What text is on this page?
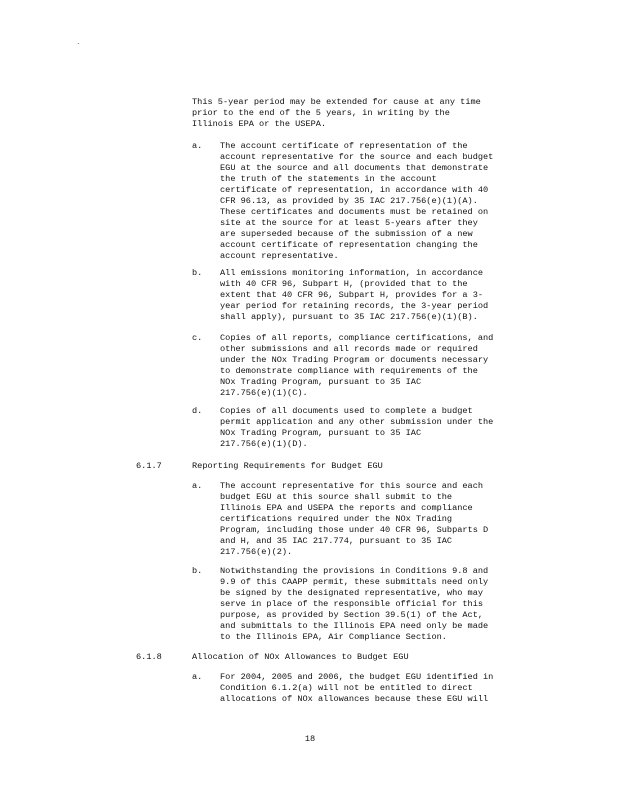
`

This 5-year period may be extended for cause at any time
prior to the end of the 5 years, in writing by the
Illinois EPA or the USEPA.

a. The account certificate of representation of the
account representative for the source and each budget
EGU at the source and all documents that demonstrate
the truth of the statements in the account
certificate of representation, in accordance with 40
CFR 96.13, as provided by 35 IAC 217.756(e)(1)(A).
These certificates and documents must be retained on
site at the source for at least 5-years after they
are superseded because of the submission of a new
account certificate of representation changing the
account representative.

b. All emissions monitoring information, in accordance
with 40 CFR 96, Subpart H, (provided that to the
extent that 40 CFR 96, Subpart H, provides for a 3-
year period for retaining records, the 3-year period
shall apply), pursuant to 35 IAC 217.756(e)(1)(B).

c. Copies of all reports, compliance certifications, and
other submissions and all records made or required
under the NOx Trading Program or documents necessary
to demonstrate compliance with requirements of the
NOx Trading Program, pursuant to 35 IAC
217.756(e)(1)(C).

d. Copies of all documents used to complete a budget
permit application and any other submission under the
NOx Trading Program, pursuant to 35 IAC
217.756(e)(1)(D).

6.1.7	Reporting Requirements for Budget EGU

a. The account representative for this source and each
budget EGU at this source shall submit to the
Illinois EPA and USEPA the reports and compliance
certifications required under the NOx Trading
Program, including those under 40 CFR 96, Subparts D
and H, and 35 IAC 217.774, pursuant to 35 IAC
217.756(e)(2).

b. Notwithstanding the provisions in Conditions 9.8 and
9.9 of this CAAPP permit, these submittals need only
be signed by the designated representative, who may
serve in place of the responsible official for this
purpose, as provided by Section 39.5(1) of the Act,
and submittals to the Illinois EPA need only be made
to the Illinois EPA, Air Compliance Section.

6.1.8	Allocation of NOx Allowances to Budget EGU

a. For 2004, 2005 and 2006, the budget EGU identified in
Condition 6.1.2(a) will not be entitled to direct
allocations of NOx allowances because these EGU will

18
